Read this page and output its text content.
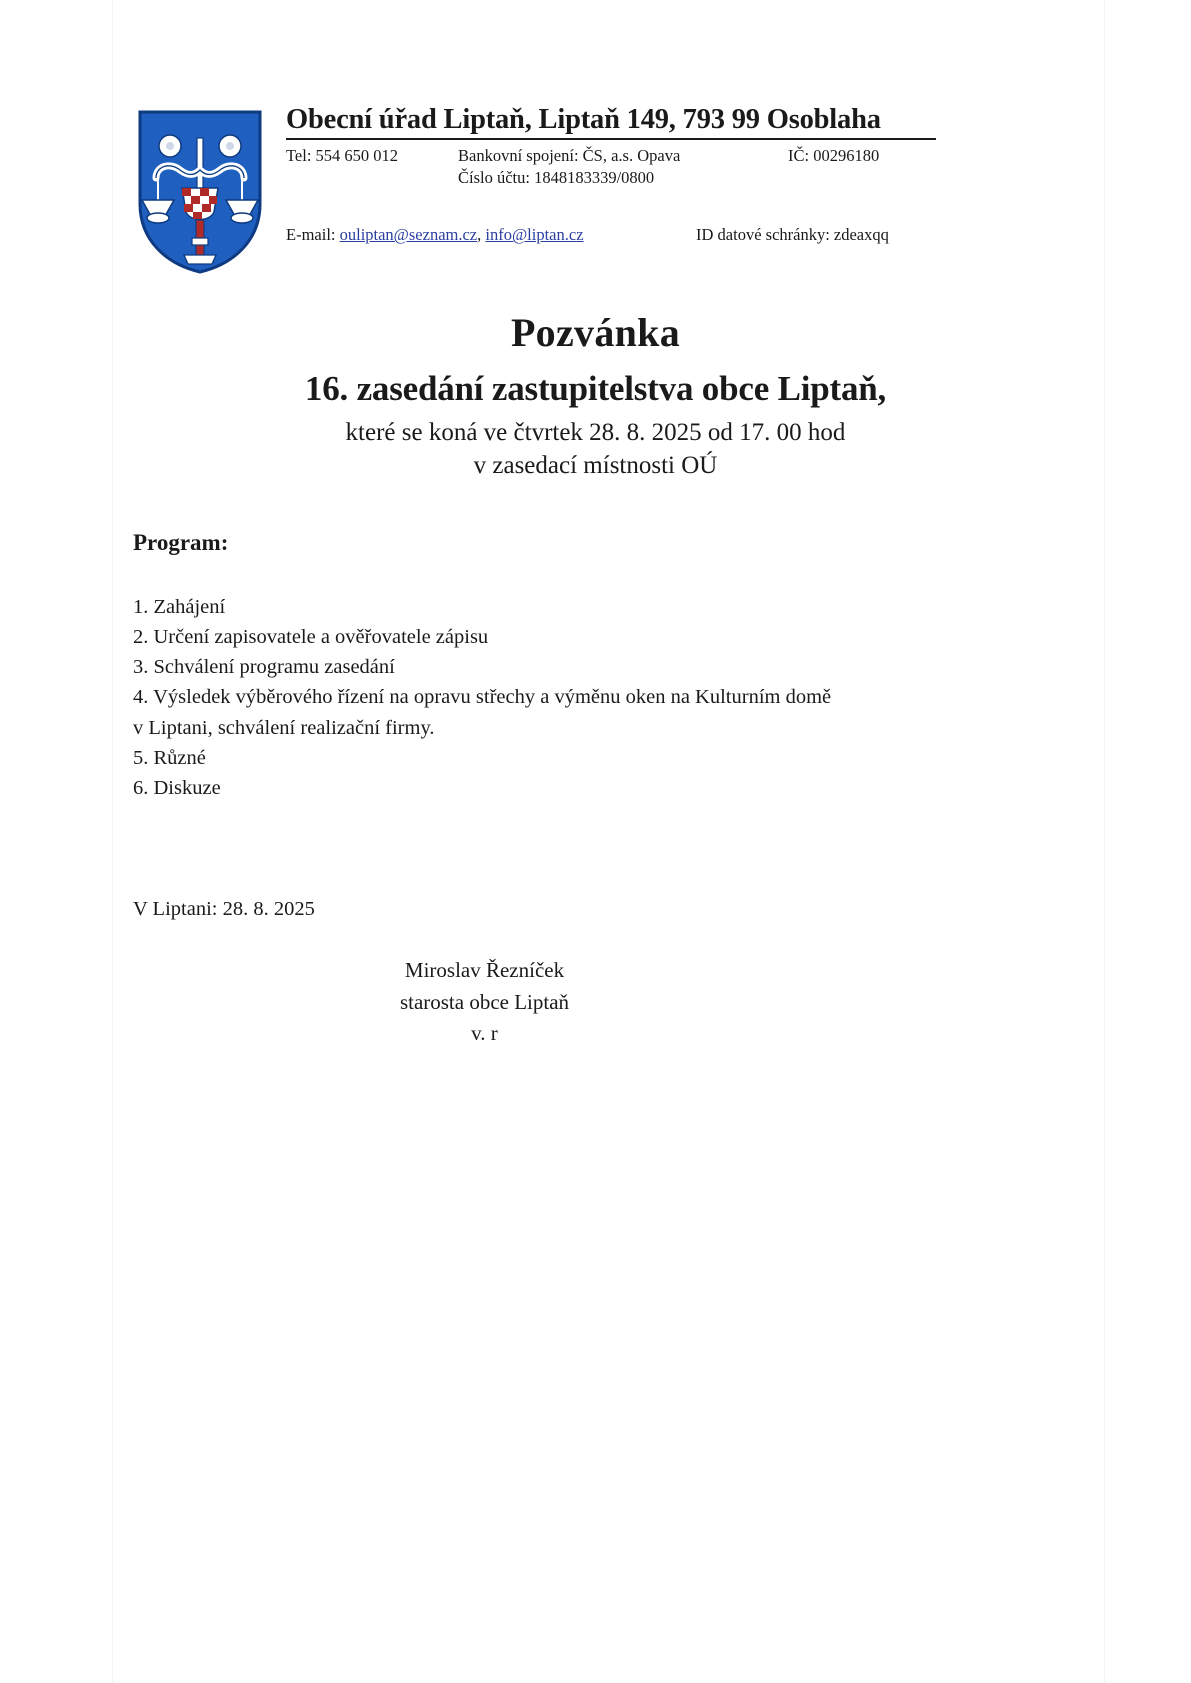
Obecní úřad Liptaň, Liptaň 149, 793 99 Osoblaha
Tel: 554 650 012	Bankovní spojení: ČS, a.s. Opava	IČ: 00296180
Číslo účtu: 1848183339/0800
E-mail: ouliptan@seznam.cz, info@liptan.cz	ID datové schránky: zdeaxqq
Pozvánka
16. zasedání zastupitelstva obce Liptaň,
které se koná ve čtvrtek 28. 8. 2025 od 17. 00 hod
v zasedací místnosti OÚ
Program:

1. Zahájení

2. Určení zapisovatele a ověřovatele zápisu

3. Schválení programu zasedání

4. Výsledek výběrového řízení na opravu střechy a výměnu oken na Kulturním domě

v Liptani, schválení realizační firmy.

5. Různé

6. Diskuze

V Liptani: 28. 8. 2025
Miroslav Řezníček
starosta obce Liptaň
v. r
